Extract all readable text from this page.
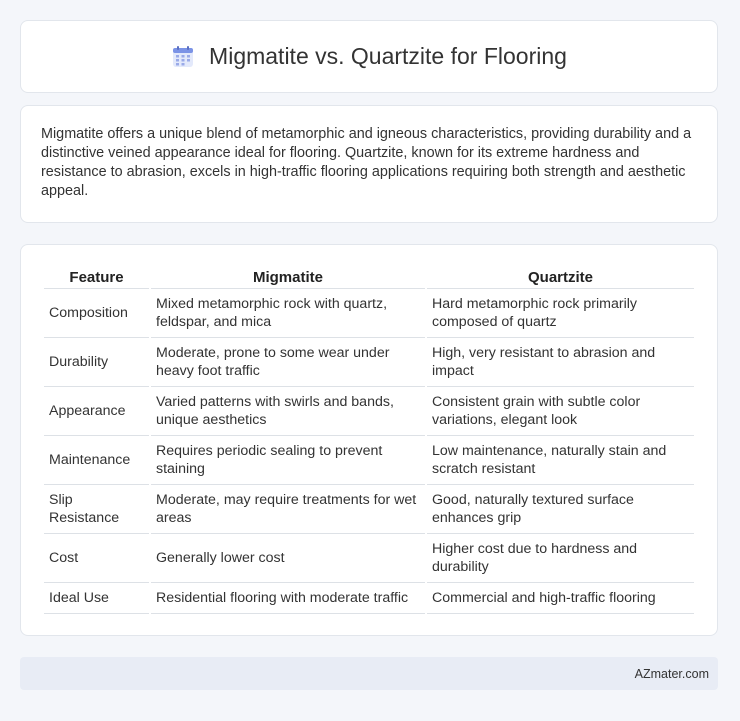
Migmatite vs. Quartzite for Flooring

Migmatite offers a unique blend of metamorphic and igneous characteristics, providing durability and a distinctive veined appearance ideal for flooring. Quartzite, known for its extreme hardness and resistance to abrasion, excels in high-traffic flooring applications requiring both strength and aesthetic appeal.

Feature	Migmatite	Quartzite
Composition	Mixed metamorphic rock with quartz, feldspar, and mica	Hard metamorphic rock primarily composed of quartz
Durability	Moderate, prone to some wear under heavy foot traffic	High, very resistant to abrasion and impact
Appearance	Varied patterns with swirls and bands, unique aesthetics	Consistent grain with subtle color variations, elegant look
Maintenance	Requires periodic sealing to prevent staining	Low maintenance, naturally stain and scratch resistant
Slip Resistance	Moderate, may require treatments for wet areas	Good, naturally textured surface enhances grip
Cost	Generally lower cost	Higher cost due to hardness and durability
Ideal Use	Residential flooring with moderate traffic	Commercial and high-traffic flooring
AZmater.com
